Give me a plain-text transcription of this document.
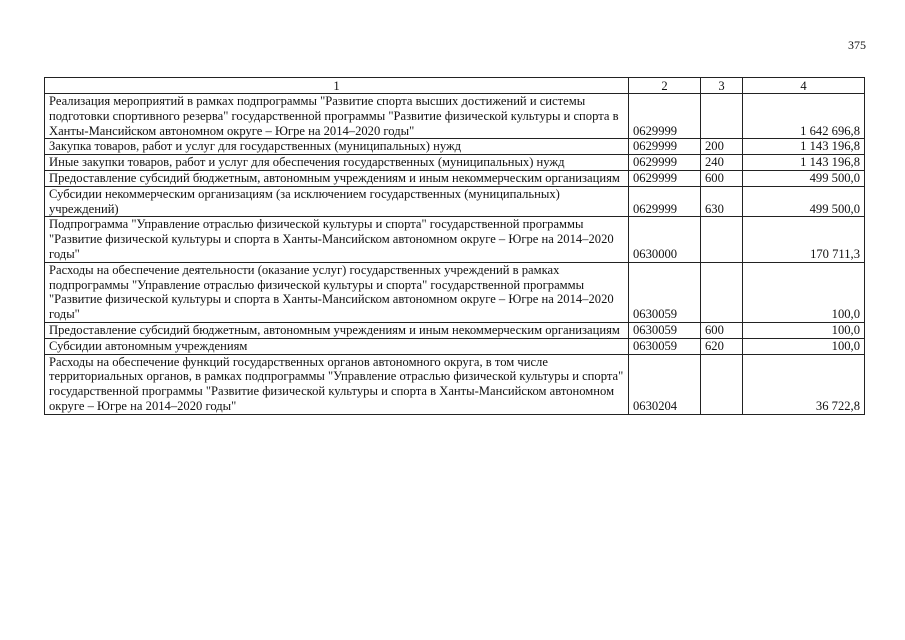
375
1	2	3	4
Реализация мероприятий в рамках подпрограммы "Развитие спорта высших достижений и системы подготовки спортивного резерва" государственной программы "Развитие физической культуры и спорта в Ханты-Мансийском автономном округе – Югре на 2014–2020 годы"	0629999		1 642 696,8
Закупка товаров, работ и услуг для государственных (муниципальных) нужд	0629999	200	1 143 196,8
Иные закупки товаров, работ и услуг для обеспечения государственных (муниципальных) нужд	0629999	240	1 143 196,8
Предоставление субсидий бюджетным, автономным учреждениям и иным некоммерческим организациям	0629999	600	499 500,0
Субсидии некоммерческим организациям (за исключением государственных (муниципальных) учреждений)	0629999	630	499 500,0
Подпрограмма "Управление отраслью физической культуры и спорта" государственной программы "Развитие физической культуры и спорта в Ханты-Мансийском автономном округе – Югре на 2014–2020 годы"	0630000		170 711,3
Расходы на обеспечение деятельности (оказание услуг) государственных учреждений в рамках подпрограммы "Управление отраслью физической культуры и спорта" государственной программы "Развитие физической культуры и спорта в Ханты-Мансийском автономном округе – Югре на 2014–2020 годы"	0630059		100,0
Предоставление субсидий бюджетным, автономным учреждениям и иным некоммерческим организациям	0630059	600	100,0
Субсидии автономным учреждениям	0630059	620	100,0
Расходы на обеспечение функций государственных органов автономного округа, в том числе территориальных органов, в рамках подпрограммы "Управление отраслью физической культуры и спорта" государственной программы "Развитие физической культуры и спорта в Ханты-Мансийском автономном округе – Югре на 2014–2020 годы"	0630204		36 722,8
